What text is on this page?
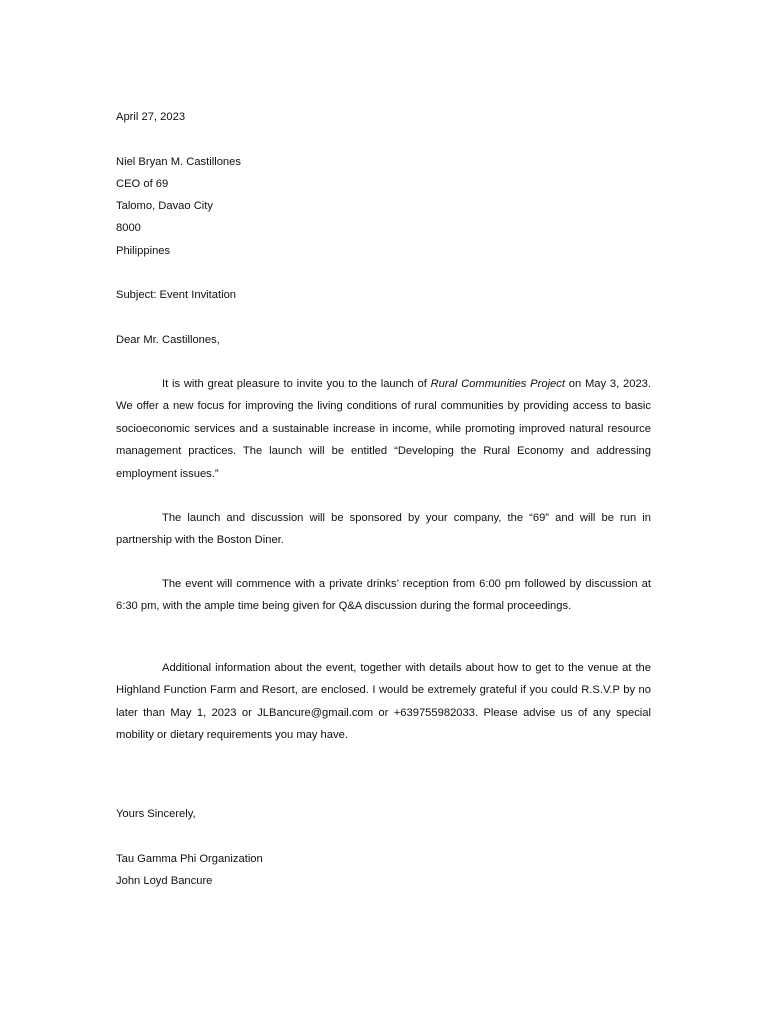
April 27, 2023
Niel Bryan M. Castillones
CEO of 69
Talomo, Davao City
8000
Philippines
Subject: Event Invitation
Dear Mr. Castillones,
It is with great pleasure to invite you to the launch of Rural Communities Project on May 3, 2023. We offer a new focus for improving the living conditions of rural communities by providing access to basic socioeconomic services and a sustainable increase in income, while promoting improved natural resource management practices. The launch will be entitled “Developing the Rural Economy and addressing employment issues.”
The launch and discussion will be sponsored by your company, the “69” and will be run in partnership with the Boston Diner.
The event will commence with a private drinks’ reception from 6:00 pm followed by discussion at 6:30 pm, with the ample time being given for Q&A discussion during the formal proceedings.
Additional information about the event, together with details about how to get to the venue at the Highland Function Farm and Resort, are enclosed. I would be extremely grateful if you could R.S.V.P by no later than May 1, 2023 or JLBancure@gmail.com or +639755982033. Please advise us of any special mobility or dietary requirements you may have.
Yours Sincerely,
Tau Gamma Phi Organization
John Loyd Bancure
